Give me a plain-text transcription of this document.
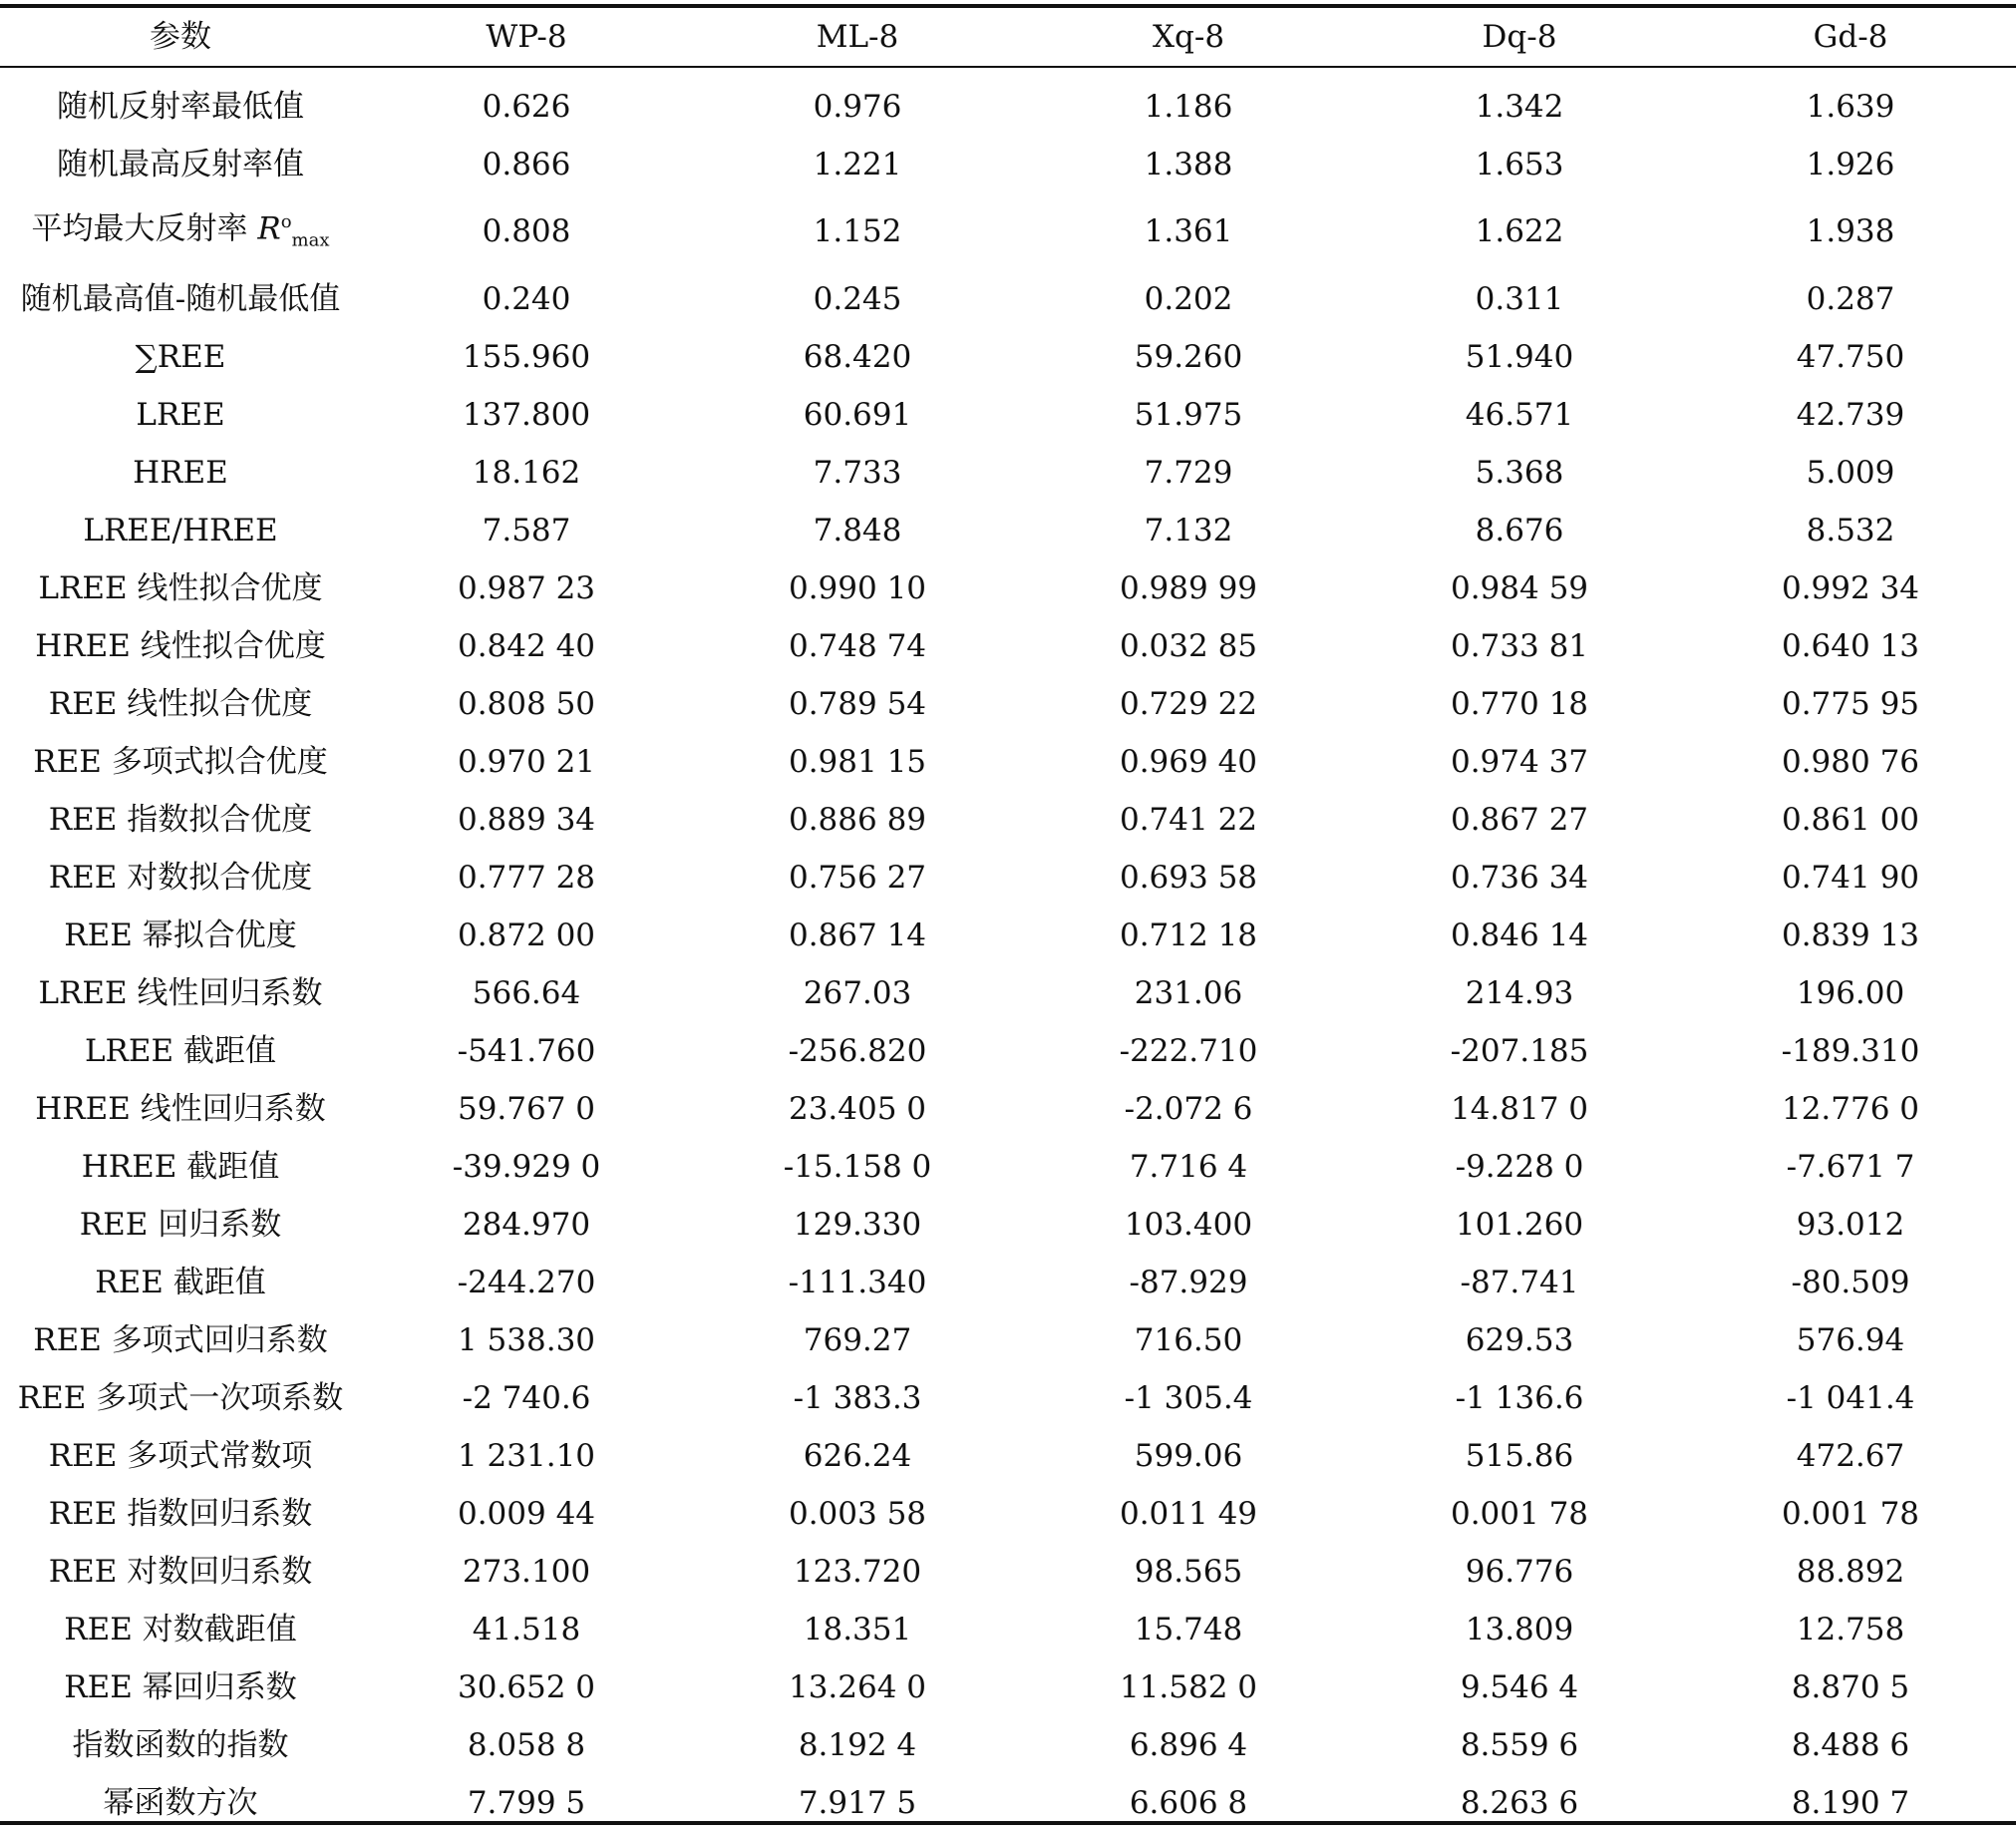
参数	WP-8	ML-8	Xq-8	Dq-8	Gd-8
随机反射率最低值	0.626	0.976	1.186	1.342	1.639
随机最高反射率值	0.866	1.221	1.388	1.653	1.926
平均最大反射率 $R^o_{max}$	0.808	1.152	1.361	1.622	1.938
随机最高值-随机最低值	0.240	0.245	0.202	0.311	0.287
∑REE	155.960	68.420	59.260	51.940	47.750
LREE	137.800	60.691	51.975	46.571	42.739
HREE	18.162	7.733	7.729	5.368	5.009
LREE/HREE	7.587	7.848	7.132	8.676	8.532
LREE 线性拟合优度	0.987 23	0.990 10	0.989 99	0.984 59	0.992 34
HREE 线性拟合优度	0.842 40	0.748 74	0.032 85	0.733 81	0.640 13
REE 线性拟合优度	0.808 50	0.789 54	0.729 22	0.770 18	0.775 95
REE 多项式拟合优度	0.970 21	0.981 15	0.969 40	0.974 37	0.980 76
REE 指数拟合优度	0.889 34	0.886 89	0.741 22	0.867 27	0.861 00
REE 对数拟合优度	0.777 28	0.756 27	0.693 58	0.736 34	0.741 90
REE 幂拟合优度	0.872 00	0.867 14	0.712 18	0.846 14	0.839 13
LREE 线性回归系数	566.64	267.03	231.06	214.93	196.00
LREE 截距值	-541.760	-256.820	-222.710	-207.185	-189.310
HREE 线性回归系数	59.767 0	23.405 0	-2.072 6	14.817 0	12.776 0
HREE 截距值	-39.929 0	-15.158 0	7.716 4	-9.228 0	-7.671 7
REE 回归系数	284.970	129.330	103.400	101.260	93.012
REE 截距值	-244.270	-111.340	-87.929	-87.741	-80.509
REE 多项式回归系数	1 538.30	769.27	716.50	629.53	576.94
REE 多项式一次项系数	-2 740.6	-1 383.3	-1 305.4	-1 136.6	-1 041.4
REE 多项式常数项	1 231.10	626.24	599.06	515.86	472.67
REE 指数回归系数	0.009 44	0.003 58	0.011 49	0.001 78	0.001 78
REE 对数回归系数	273.100	123.720	98.565	96.776	88.892
REE 对数截距值	41.518	18.351	15.748	13.809	12.758
REE 幂回归系数	30.652 0	13.264 0	11.582 0	9.546 4	8.870 5
指数函数的指数	8.058 8	8.192 4	6.896 4	8.559 6	8.488 6
幂函数方次	7.799 5	7.917 5	6.606 8	8.263 6	8.190 7
